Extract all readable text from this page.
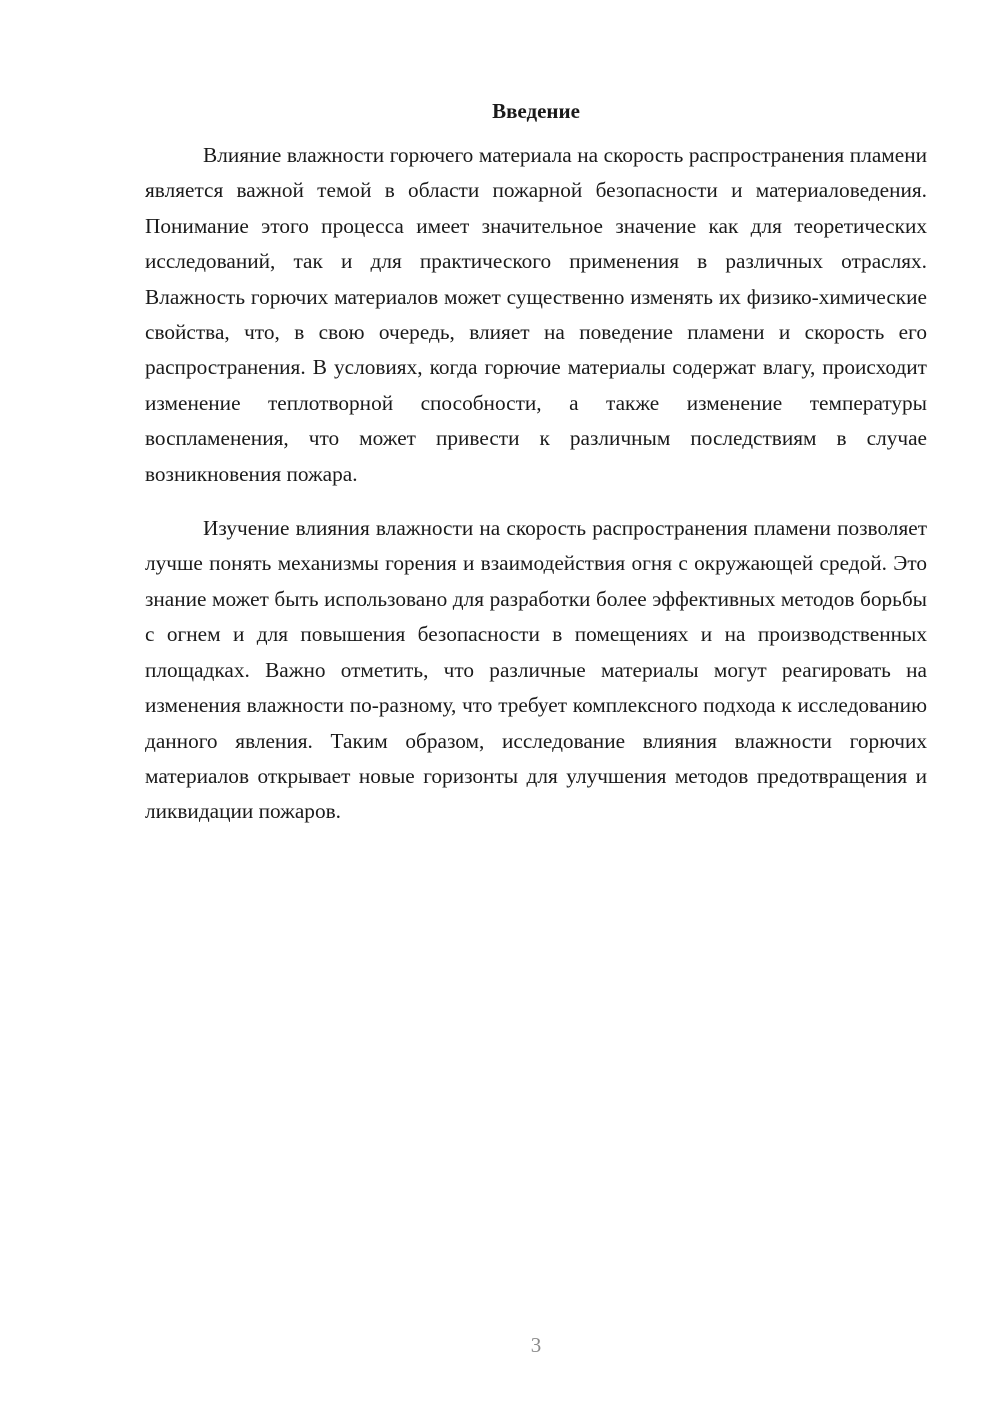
Введение

Влияние влажности горючего материала на скорость распространения пламени является важной темой в области пожарной безопасности и материаловедения. Понимание этого процесса имеет значительное значение как для теоретических исследований, так и для практического применения в различных отраслях. Влажность горючих материалов может существенно изменять их физико-химические свойства, что, в свою очередь, влияет на поведение пламени и скорость его распространения. В условиях, когда горючие материалы содержат влагу, происходит изменение теплотворной способности, а также изменение температуры воспламенения, что может привести к различным последствиям в случае возникновения пожара.

Изучение влияния влажности на скорость распространения пламени позволяет лучше понять механизмы горения и взаимодействия огня с окружающей средой. Это знание может быть использовано для разработки более эффективных методов борьбы с огнем и для повышения безопасности в помещениях и на производственных площадках. Важно отметить, что различные материалы могут реагировать на изменения влажности по-разному, что требует комплексного подхода к исследованию данного явления. Таким образом, исследование влияния влажности горючих материалов открывает новые горизонты для улучшения методов предотвращения и ликвидации пожаров.

3
